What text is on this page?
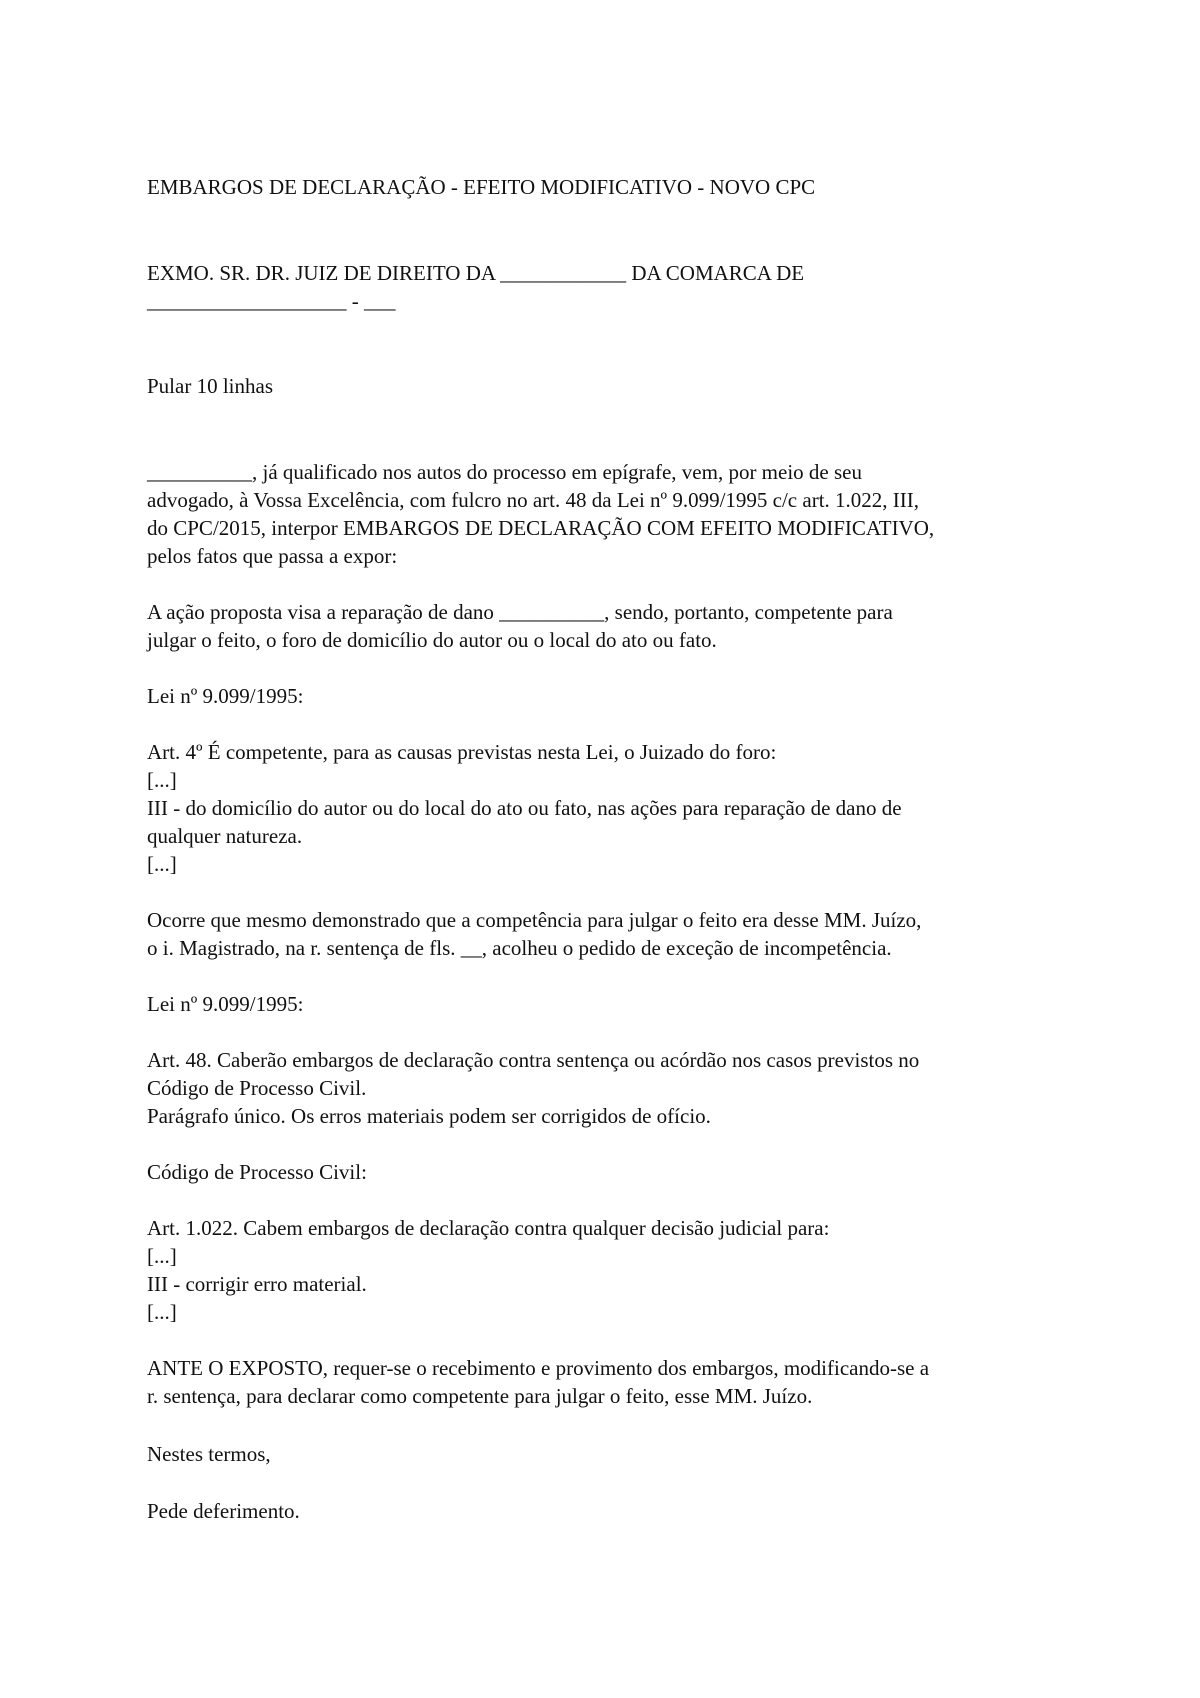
EMBARGOS DE DECLARAÇÃO - EFEITO MODIFICATIVO - NOVO CPC

EXMO. SR. DR. JUIZ DE DIREITO DA ____________ DA COMARCA DE
___________________ - ___

Pular 10 linhas

__________, já qualificado nos autos do processo em epígrafe, vem, por meio de seu
advogado, à Vossa Excelência, com fulcro no art. 48 da Lei nº 9.099/1995 c/c art. 1.022, III,
do CPC/2015, interpor EMBARGOS DE DECLARAÇÃO COM EFEITO MODIFICATIVO,
pelos fatos que passa a expor:
A ação proposta visa a reparação de dano __________, sendo, portanto, competente para
julgar o feito, o foro de domicílio do autor ou o local do ato ou fato.

Lei nº 9.099/1995:

Art. 4º É competente, para as causas previstas nesta Lei, o Juizado do foro:
[...]
III - do domicílio do autor ou do local do ato ou fato, nas ações para reparação de dano de
qualquer natureza.
[...]
Ocorre que mesmo demonstrado que a competência para julgar o feito era desse MM. Juízo,
o i. Magistrado, na r. sentença de fls. __, acolheu o pedido de exceção de incompetência.

Lei nº 9.099/1995:

Art. 48. Caberão embargos de declaração contra sentença ou acórdão nos casos previstos no
Código de Processo Civil.
Parágrafo único. Os erros materiais podem ser corrigidos de ofício.

Código de Processo Civil:

Art. 1.022. Cabem embargos de declaração contra qualquer decisão judicial para:
[...]
III - corrigir erro material.
[...]
ANTE O EXPOSTO, requer-se o recebimento e provimento dos embargos, modificando-se a
r. sentença, para declarar como competente para julgar o feito, esse MM. Juízo.

Nestes termos,

Pede deferimento.
